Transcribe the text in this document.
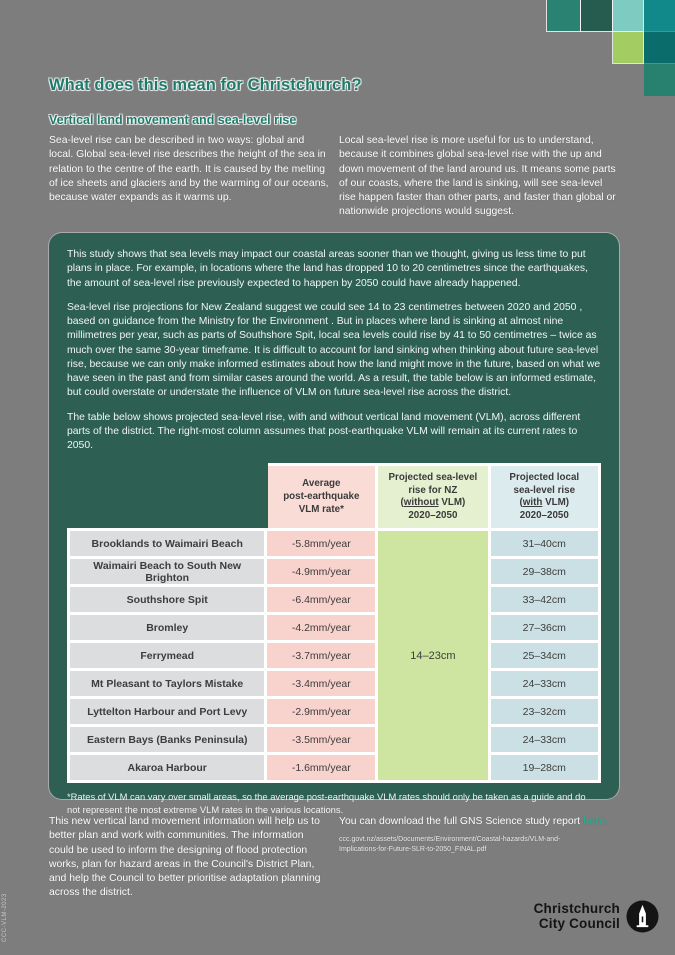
What does this mean for Christchurch?
Vertical land movement and sea-level rise

Sea-level rise can be described in two ways: global and local. Global sea-level rise describes the height of the sea in relation to the centre of the earth. It is caused by the melting of ice sheets and glaciers and by the warming of our oceans, because water expands as it warms up.

Local sea-level rise is more useful for us to understand, because it combines global sea-level rise with the up and down movement of the land around us. It means some parts of our coasts, where the land is sinking, will see sea-level rise happen faster than other parts, and faster than global or nationwide projections would suggest.

This study shows that sea levels may impact our coastal areas sooner than we thought, giving us less time to put plans in place. For example, in locations where the land has dropped 10 to 20 centimetres since the earthquakes, the amount of sea-level rise previously expected to happen by 2050 could have already happened.

Sea-level rise projections for New Zealand suggest we could see 14 to 23 centimetres between 2020 and 2050 , based on guidance from the Ministry for the Environment . But in places where land is sinking at almost nine millimetres per year, such as parts of Southshore Spit, local sea levels could rise by 41 to 50 centimetres – twice as much over the same 30-year timeframe. It is difficult to account for land sinking when thinking about future sea-level rise, because we can only make informed estimates about how the land might move in the future, based on what we have seen in the past and from similar cases around the world. As a result, the table below is an informed estimate, but could overstate or understate the influence of VLM on future sea-level rise across the district.

The table below shows projected sea-level rise, with and without vertical land movement (VLM), across different parts of the district. The right-most column assumes that post-earthquake VLM will remain at its current rates to 2050.

	Average
post-earthquake
VLM rate*	Projected sea-level
rise for NZ
(without VLM)
2020–2050	Projected local
sea-level rise
(with VLM)
2020–2050
Brooklands to Waimairi Beach	-5.8mm/year	14–23cm	31–40cm
Waimairi Beach to South New Brighton	-4.9mm/year		29–38cm
Southshore Spit	-6.4mm/year		33–42cm
Bromley	-4.2mm/year		27–36cm
Ferrymead	-3.7mm/year		25–34cm
Mt Pleasant to Taylors Mistake	-3.4mm/year		24–33cm
Lyttelton Harbour and Port Levy	-2.9mm/year		23–32cm
Eastern Bays (Banks Peninsula)	-3.5mm/year		24–33cm
Akaroa Harbour	-1.6mm/year		19–28cm
*Rates of VLM can vary over small areas, so the average post-earthquake VLM rates should only be taken as a guide and do not represent the most extreme VLM rates in the various locations.

This new vertical land movement information will help us to better plan and work with communities. The information could be used to inform the designing of flood protection works, plan for hazard areas in the Council's District Plan, and help the Council to better prioritise adaptation planning across the district.

You can download the full GNS Science study report here.

ccc.govt.nz/assets/Documents/Environment/Coastal-hazards/VLM-and-
Implications-for-Future-SLR-to-2050_FINAL.pdf

Christchurch
City Council
CCC-VLM-2023
